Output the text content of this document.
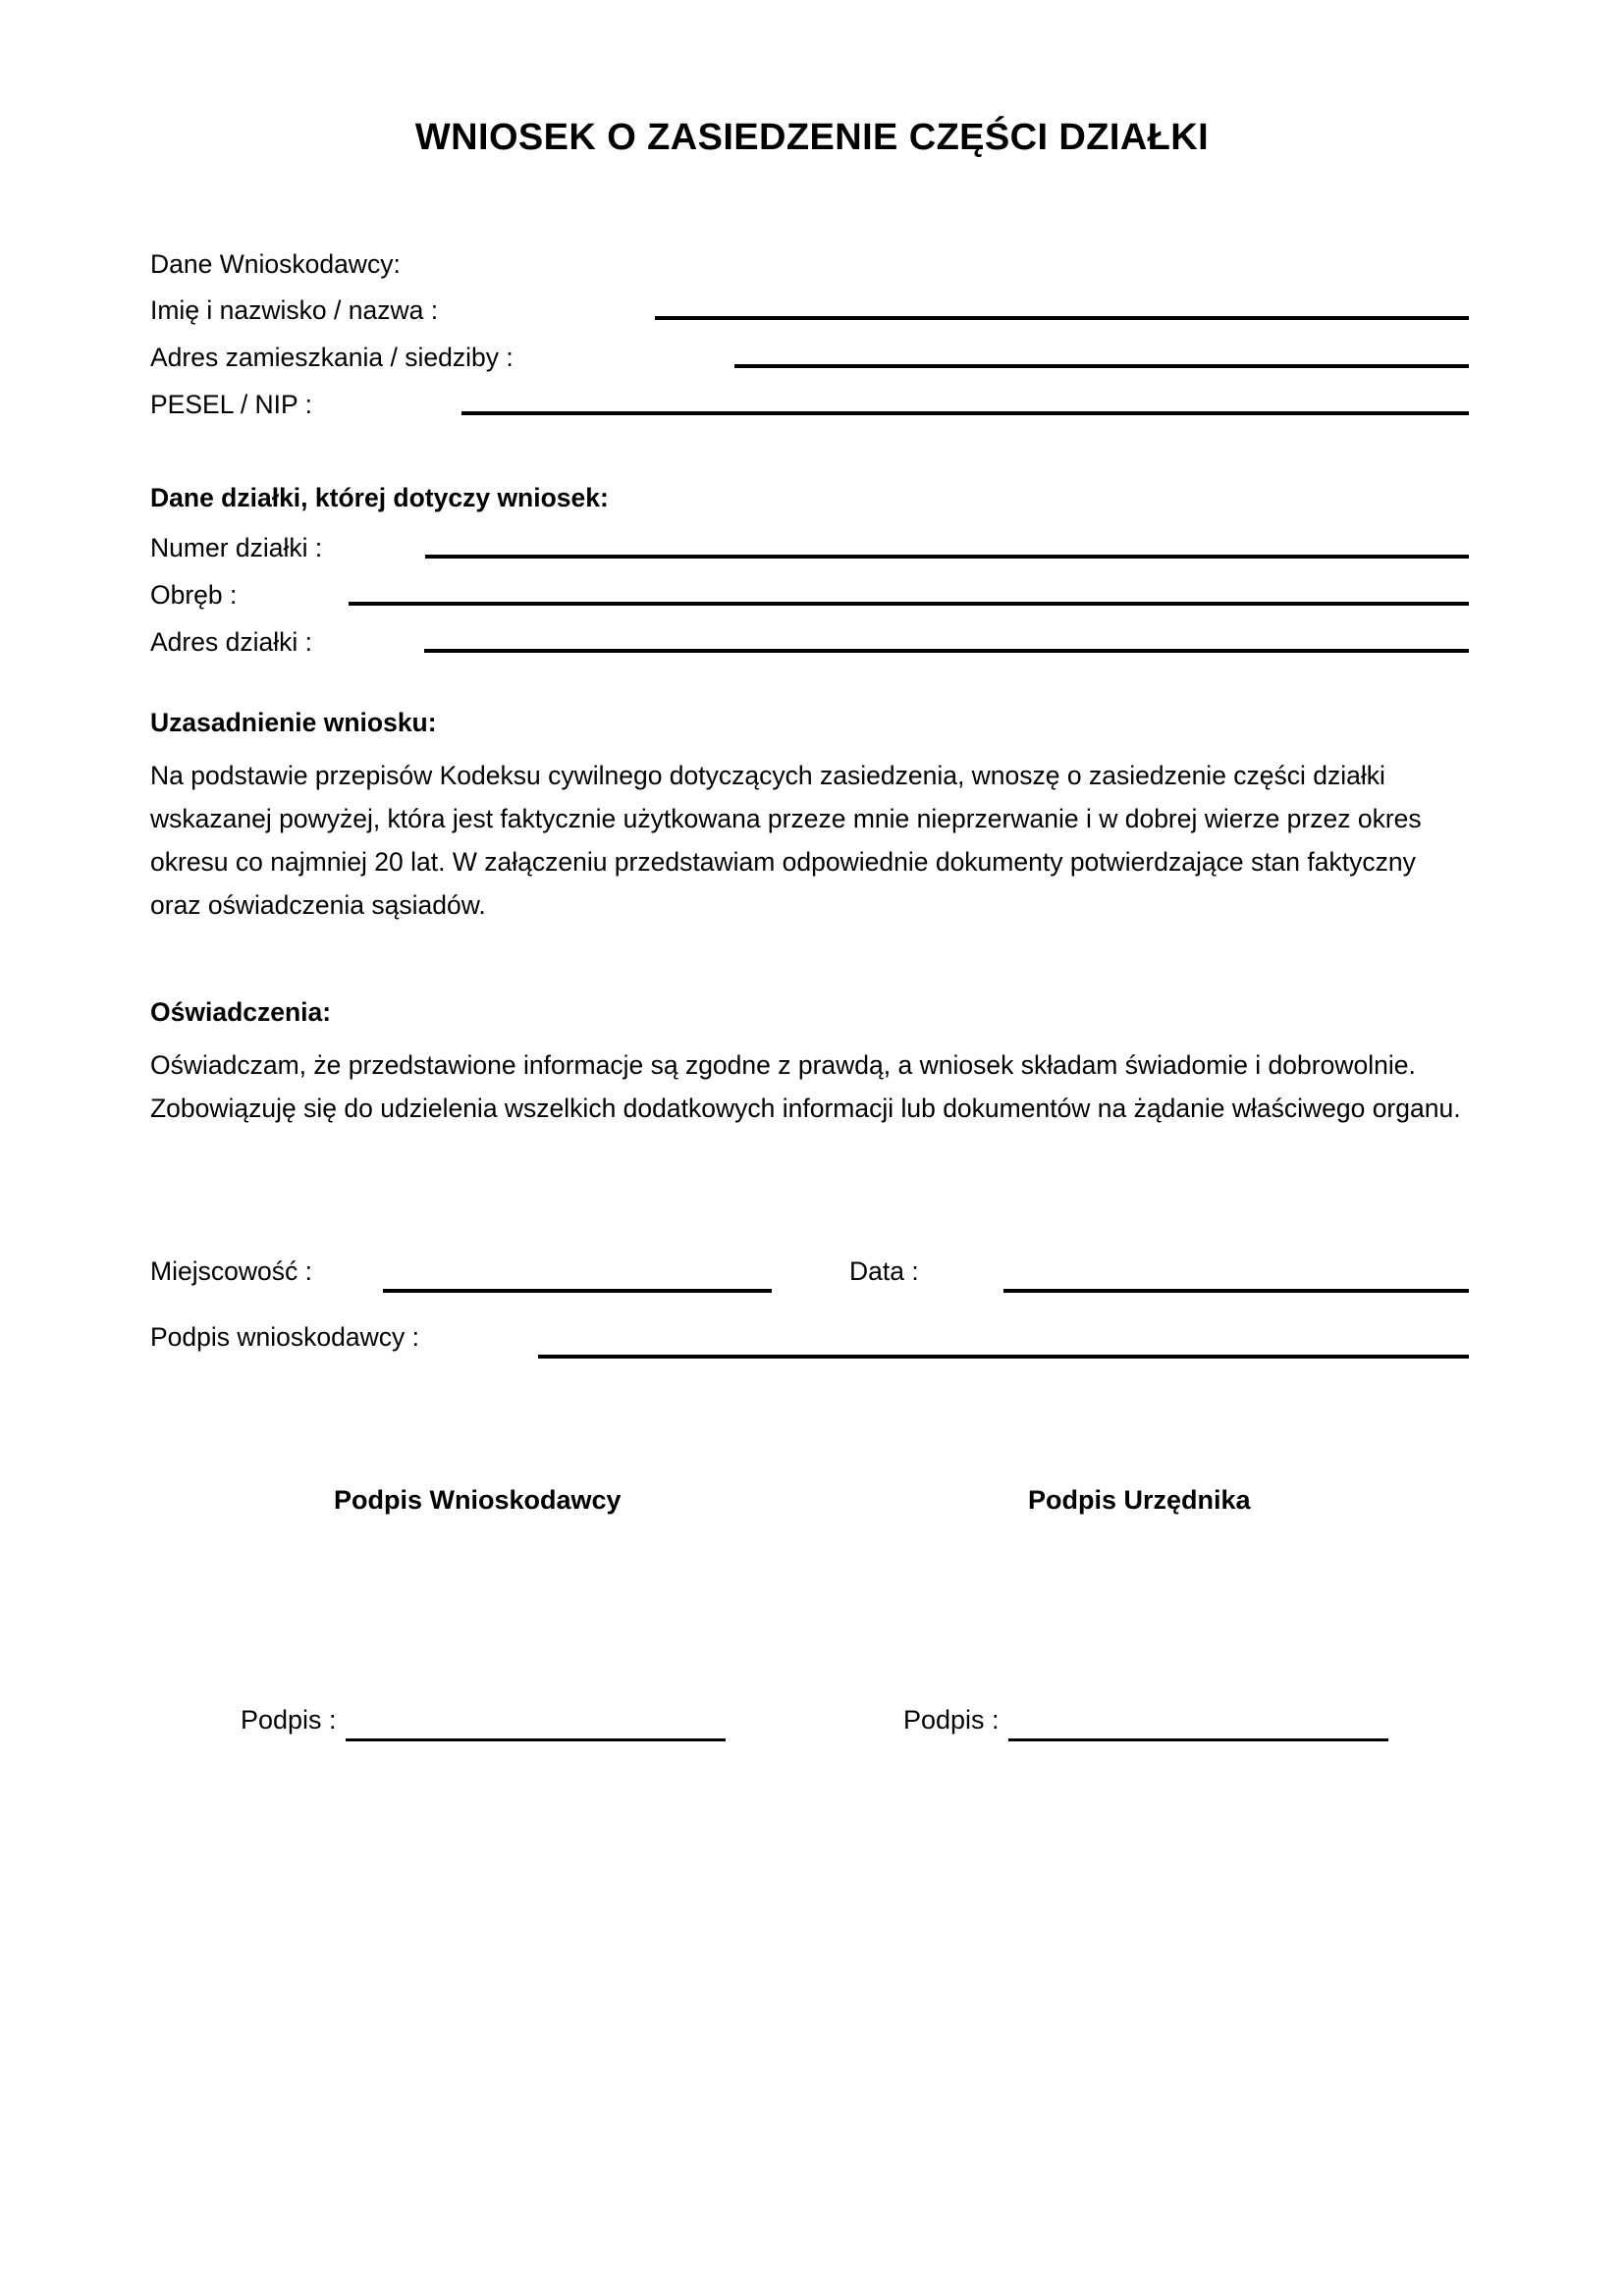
WNIOSEK O ZASIEDZENIE CZĘŚCI DZIAŁKI
Dane Wnioskodawcy:
Imię i nazwisko / nazwa :
Adres zamieszkania / siedziby :
PESEL / NIP :
Dane działki, której dotyczy wniosek:
Numer działki :
Obręb :
Adres działki :
Uzasadnienie wniosku:
Na podstawie przepisów Kodeksu cywilnego dotyczących zasiedzenia, wnoszę o zasiedzenie części działki wskazanej powyżej, która jest faktycznie użytkowana przeze mnie nieprzerwanie i w dobrej wierze przez okres okresu co najmniej 20 lat. W załączeniu przedstawiam odpowiednie dokumenty potwierdzające stan faktyczny oraz oświadczenia sąsiadów.
Oświadczenia:
Oświadczam, że przedstawione informacje są zgodne z prawdą, a wniosek składam świadomie i dobrowolnie. Zobowiązuję się do udzielenia wszelkich dodatkowych informacji lub dokumentów na żądanie właściwego organu.
Miejscowość :	Data :
Podpis wnioskodawcy :
Podpis Wnioskodawcy	Podpis Urzędnika
Podpis :	Podpis :
